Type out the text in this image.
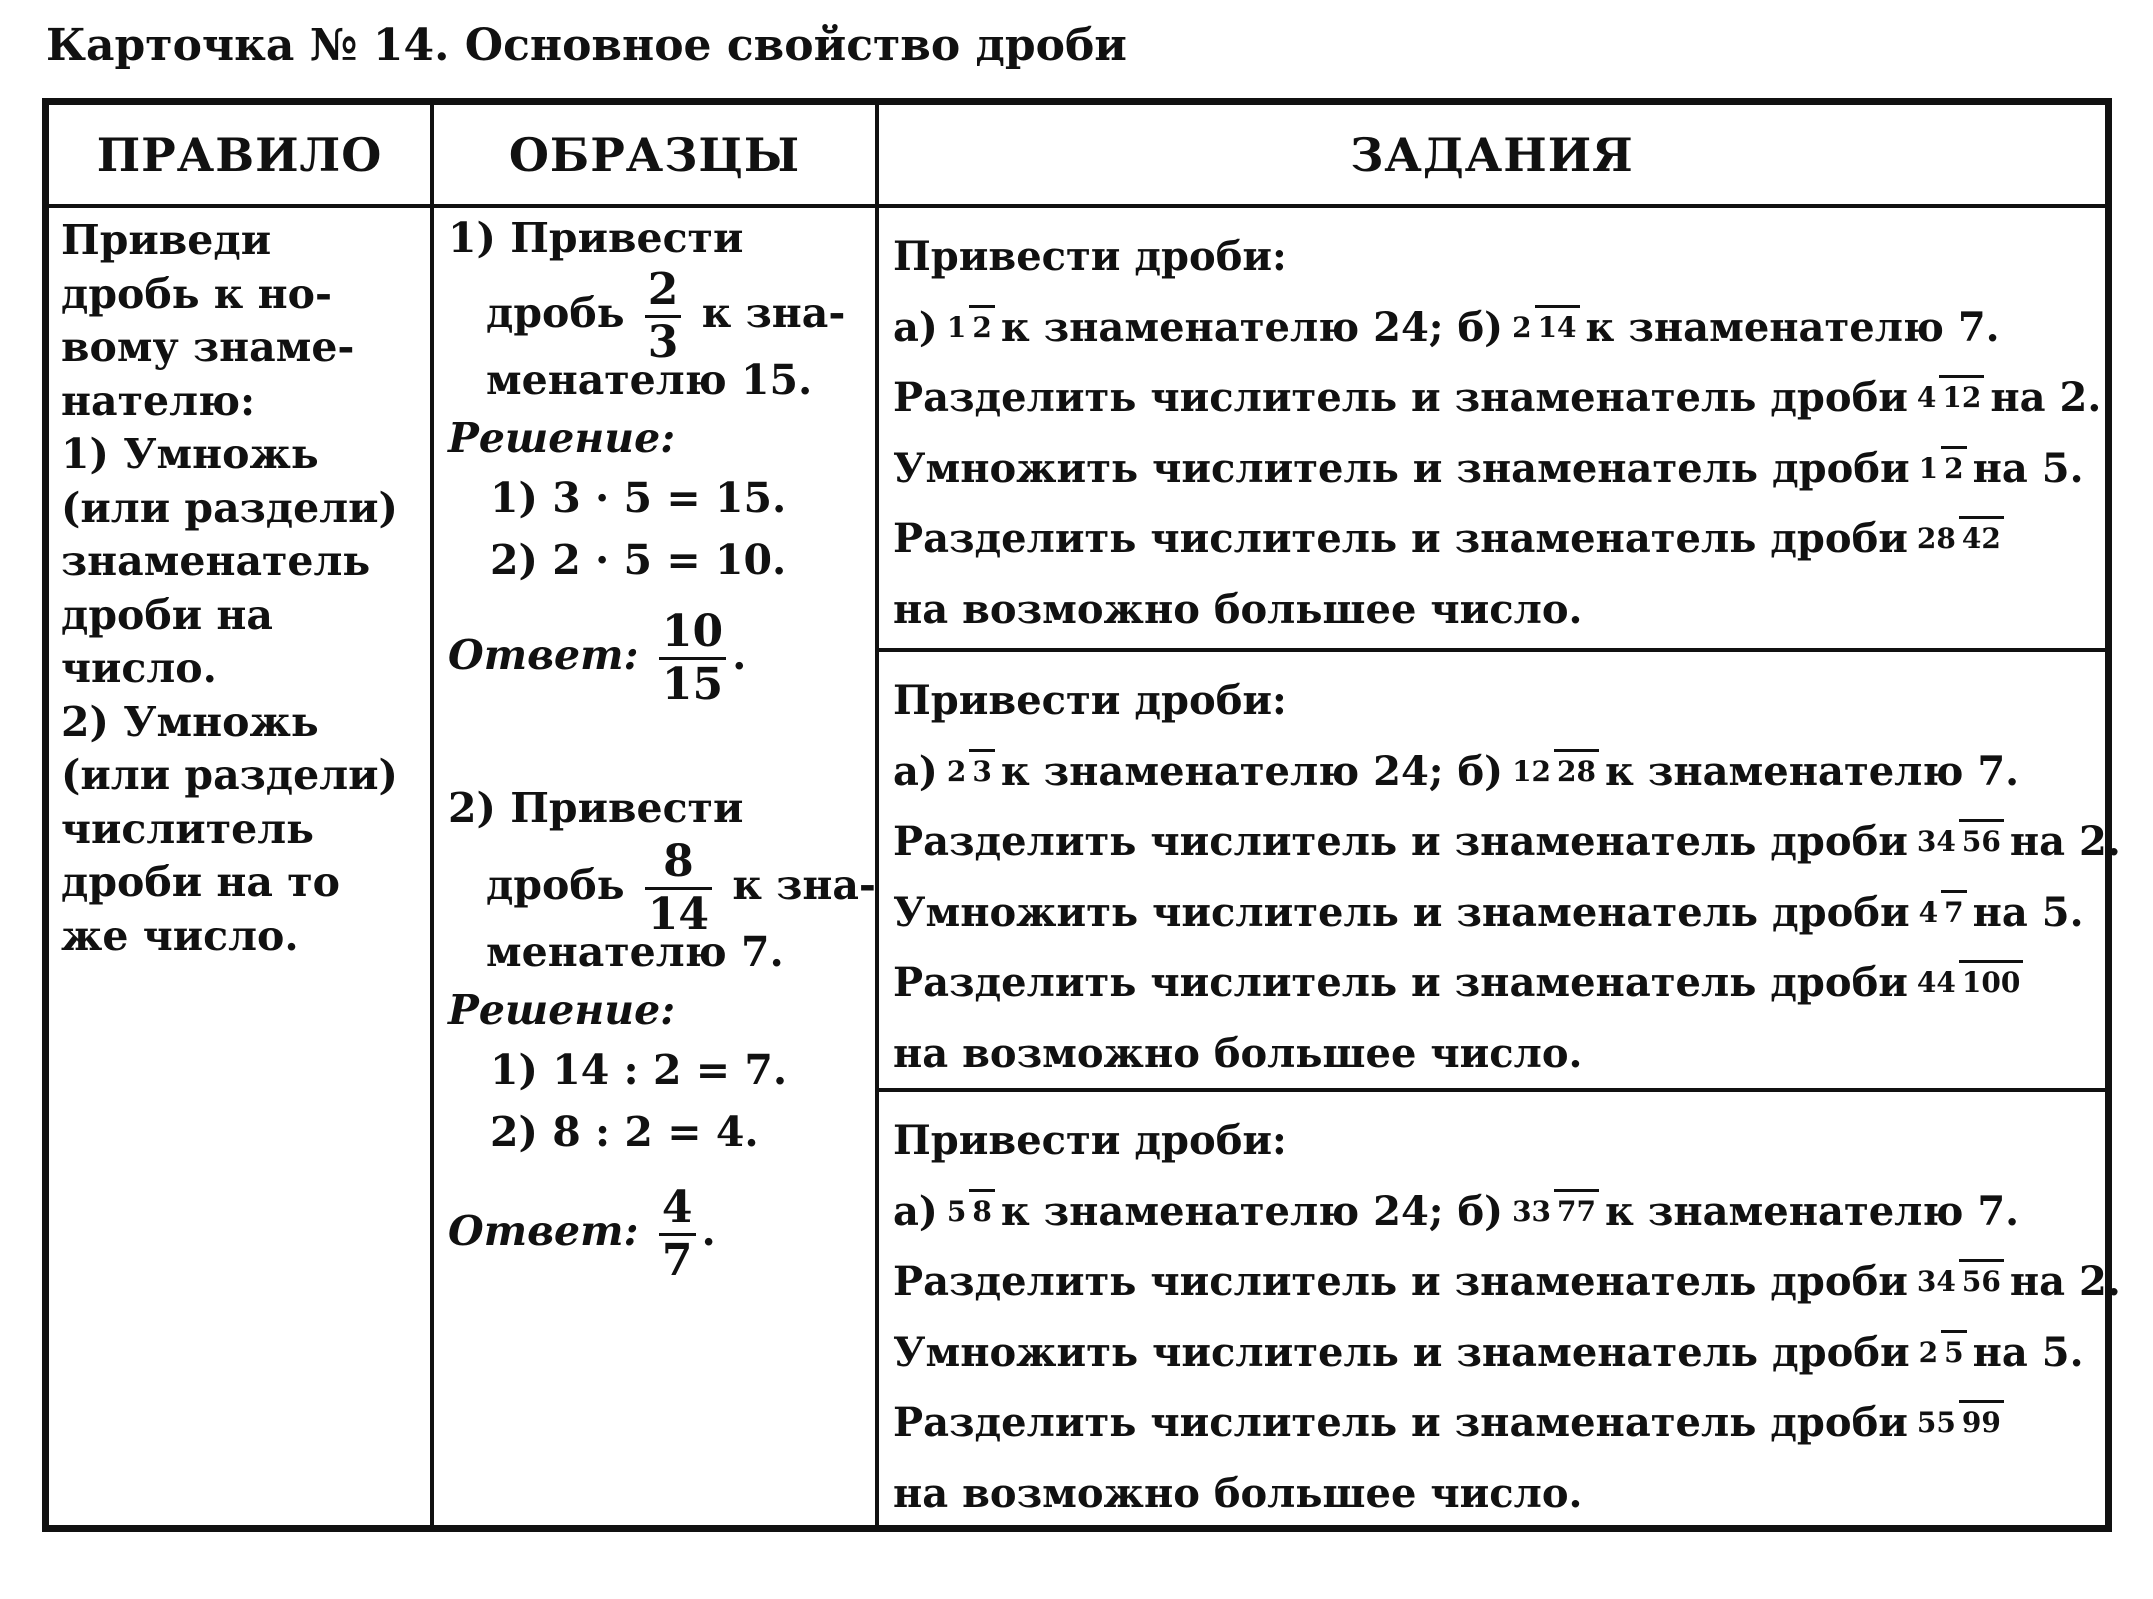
Карточка № 14. Основное свойство дроби
ПРАВИЛО	ОБРАЗЦЫ	ЗАДАНИЯ

Приведи

дробь к но-

вому знаме-

нателю:

1) Умножь

(или раздели)

знаменатель

дроби на

число.

2) Умножь

(или раздели)

числитель

дроби на то

же число.

1) Привести
дробь $\frac{2}{3}$ к зна-
менателю 15.
Решение:
1) 3 · 5 = 15.
2) 2 · 5 = 10.
Ответ: $\frac{10}{15}$ .
2) Привести
дробь $\frac{8}{14}$ к зна-
менателю 7.
Решение:
1) 14 : 2 = 7.
2) 8 : 2 = 4.
Ответ: $\frac{4}{7}$ .
Привести дроби:
а) 1 2 к знаменателю 24; б) 2 14 к знаменателю 7.
Разделить числитель и знаменатель дроби 4 12 на 2.
Умножить числитель и знаменатель дроби 1 2 на 5.
Разделить числитель и знаменатель дроби 28 42
на возможно большее число.
Привести дроби:
а) 2 3 к знаменателю 24; б) 12 28 к знаменателю 7.
Разделить числитель и знаменатель дроби 34 56 на 2.
Умножить числитель и знаменатель дроби 4 7 на 5.
Разделить числитель и знаменатель дроби 44 100
на возможно большее число.
Привести дроби:
а) 5 8 к знаменателю 24; б) 33 77 к знаменателю 7.
Разделить числитель и знаменатель дроби 34 56 на 2.
Умножить числитель и знаменатель дроби 2 5 на 5.
Разделить числитель и знаменатель дроби 55 99
на возможно большее число.
